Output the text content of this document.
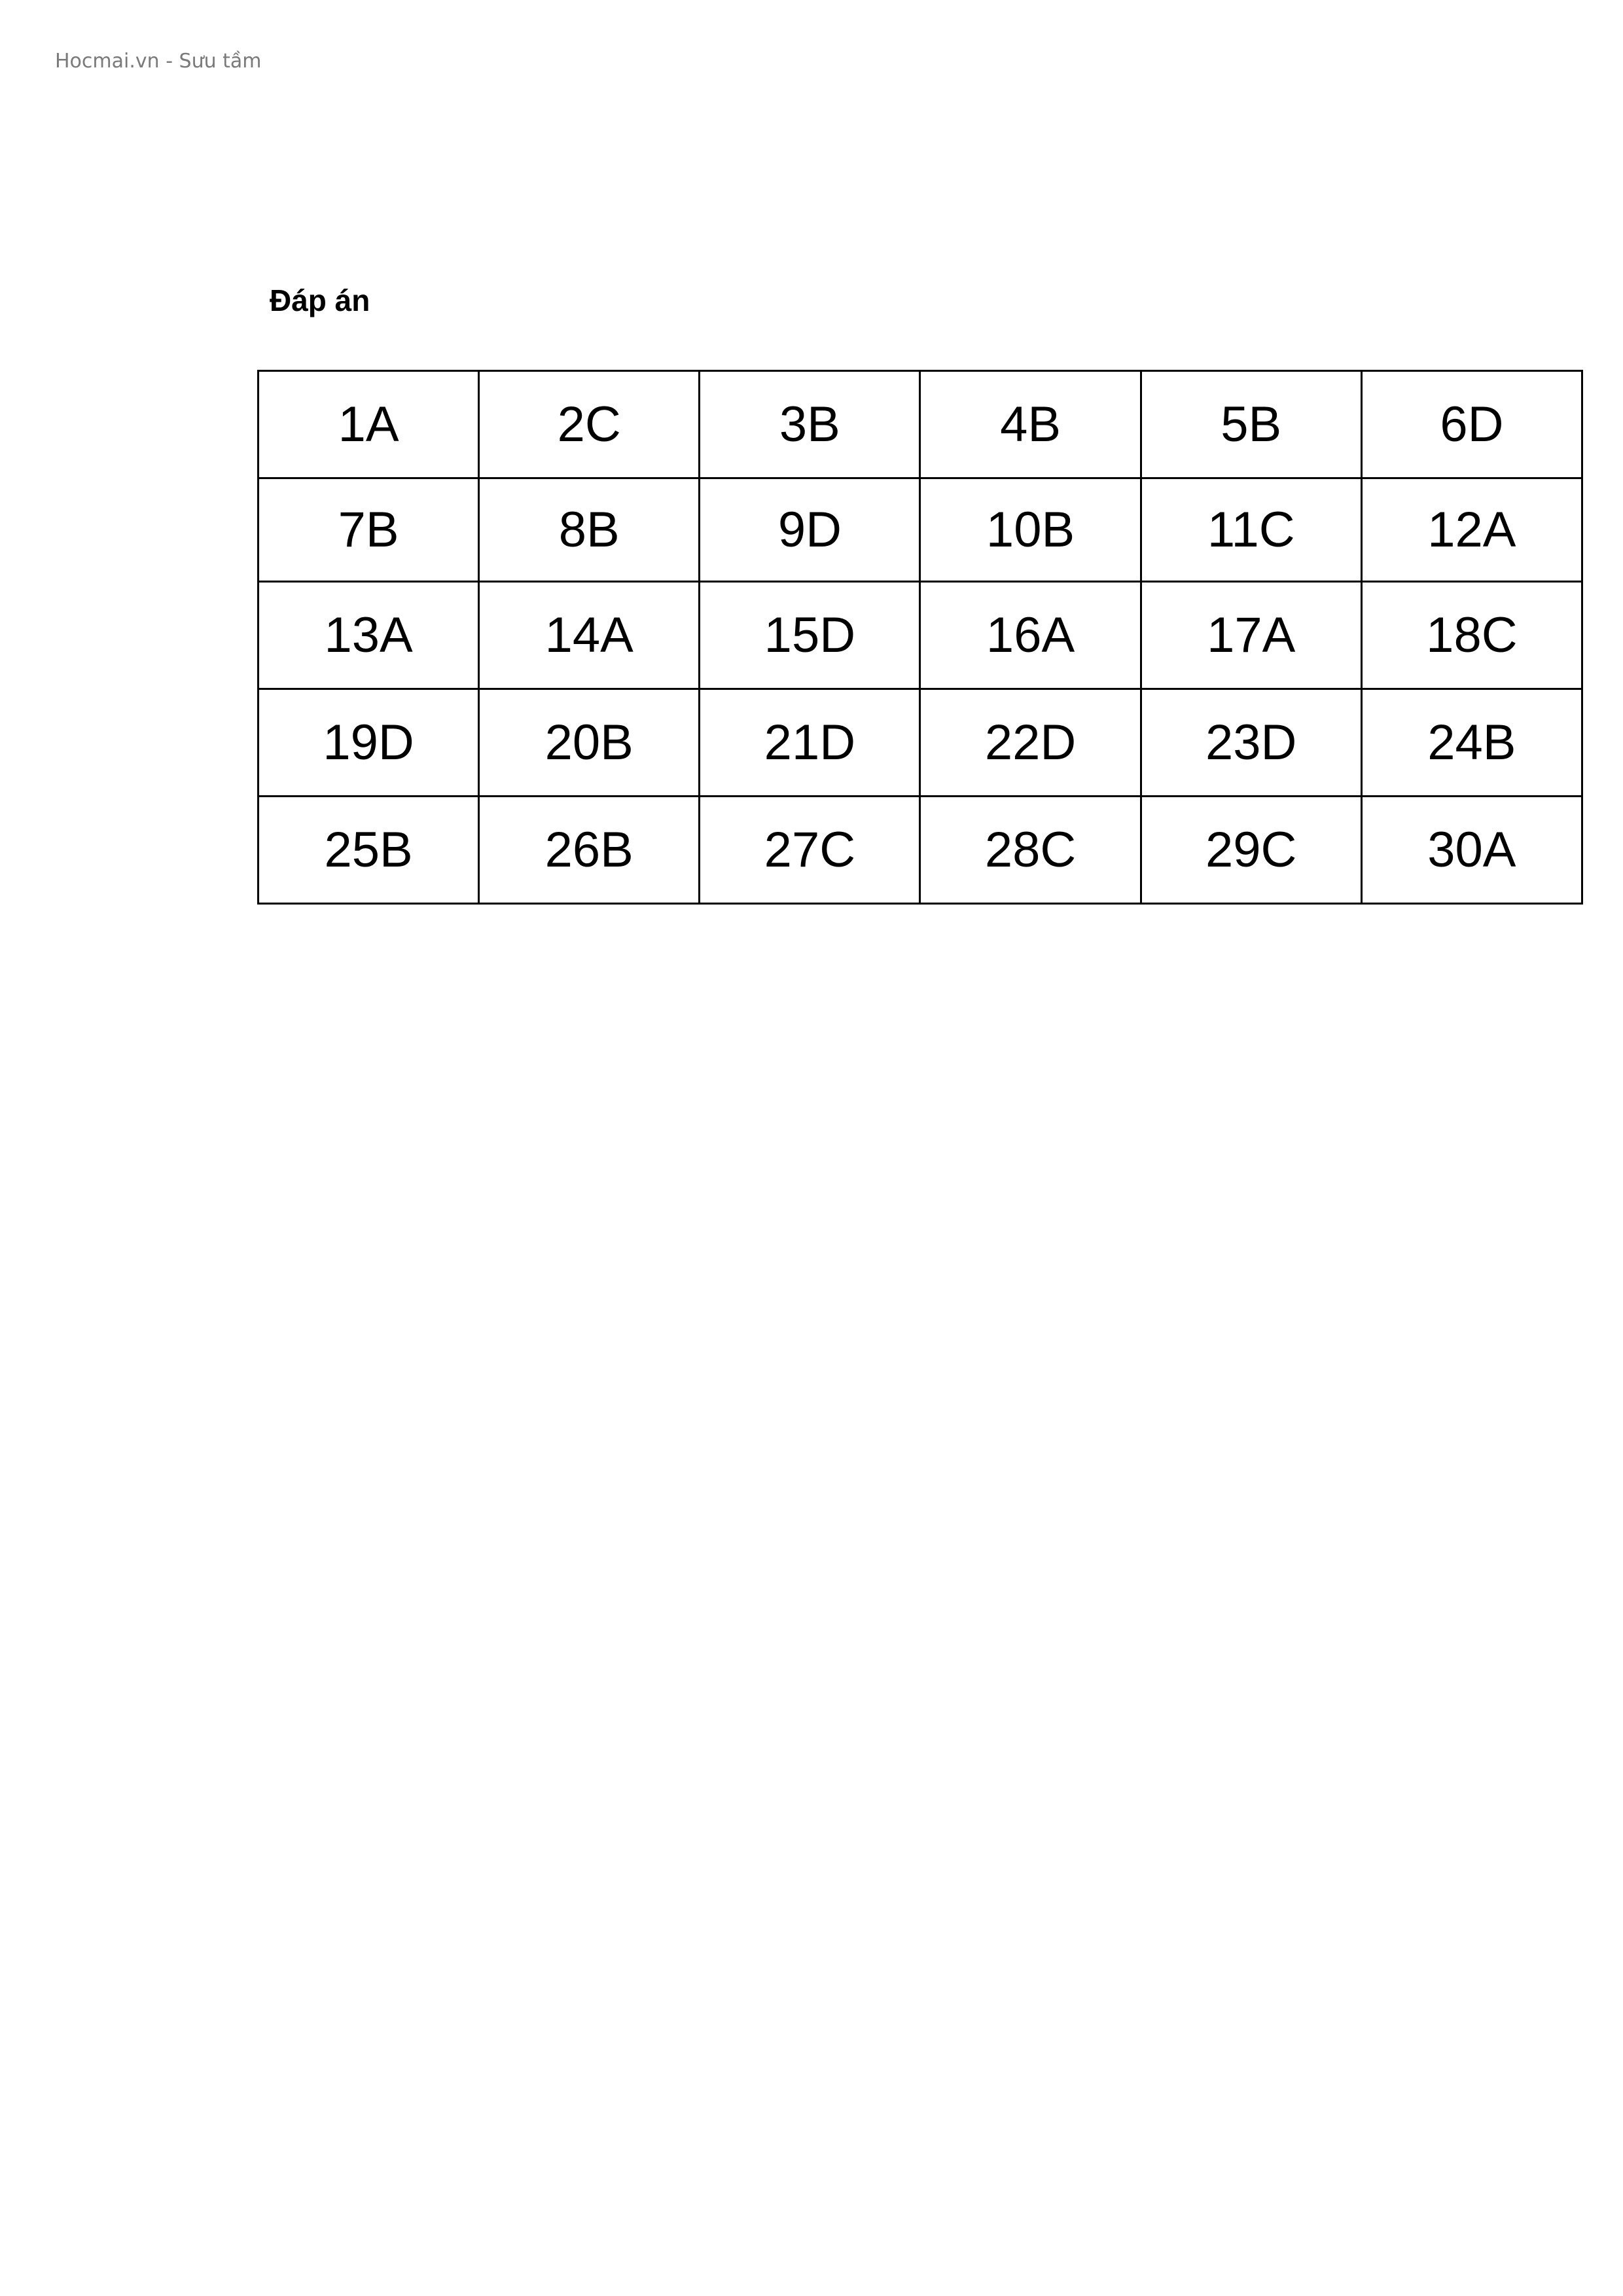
Hocmai.vn - Sưu tầm
Đáp án
1A	2C	3B	4B	5B	6D
7B	8B	9D	10B	11C	12A
13A	14A	15D	16A	17A	18C
19D	20B	21D	22D	23D	24B
25B	26B	27C	28C	29C	30A
